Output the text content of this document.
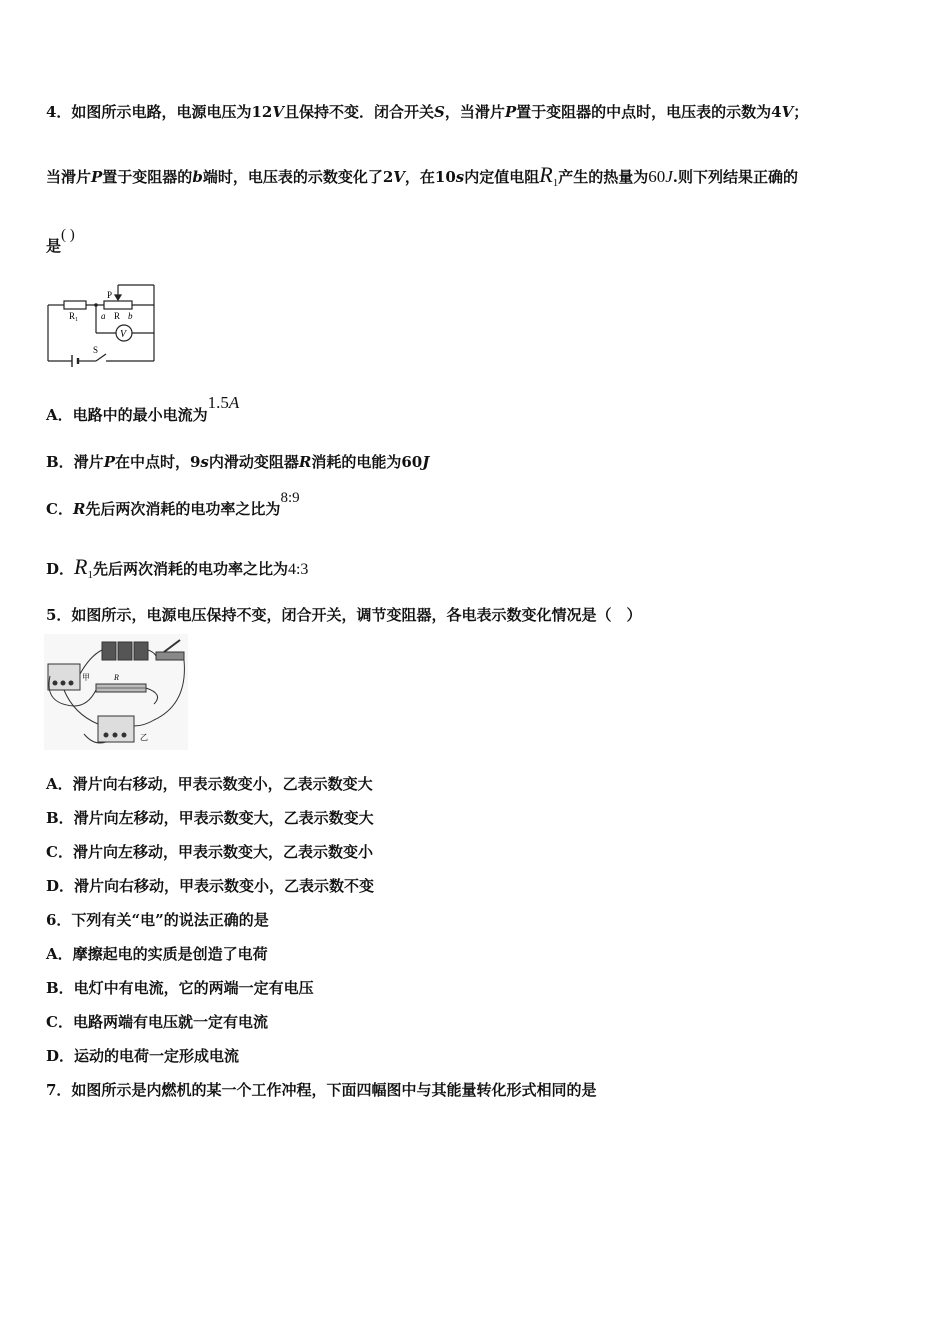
4．如图所示电路，电源电压为12V且保持不变．闭合开关S，当滑片P置于变阻器的中点时，电压表的示数为4V；
当滑片P置于变阻器的b端时，电压表的示数变化了2V，在10s内定值电阻$R_1$产生的热量为60J.则下列结果正确的
是( )
$R_1$
P
a R b
V
S
A．电路中的最小电流为1.5A
B．滑片P在中点时，9s内滑动变阻器R消耗的电能为60J
C．R先后两次消耗的电功率之比为8:9
D．$R_1$先后两次消耗的电功率之比为4:3
5．如图所示，电源电压保持不变，闭合开关，调节变阻器，各电表示数变化情况是（　）
甲	R
乙
A．滑片向右移动，甲表示数变小，乙表示数变大
B．滑片向左移动，甲表示数变大，乙表示数变大
C．滑片向左移动，甲表示数变大，乙表示数变小
D．滑片向右移动，甲表示数变小，乙表示数不变
6．下列有关“电”的说法正确的是
A．摩擦起电的实质是创造了电荷
B．电灯中有电流，它的两端一定有电压
C．电路两端有电压就一定有电流
D．运动的电荷一定形成电流
7．如图所示是内燃机的某一个工作冲程，下面四幅图中与其能量转化形式相同的是
